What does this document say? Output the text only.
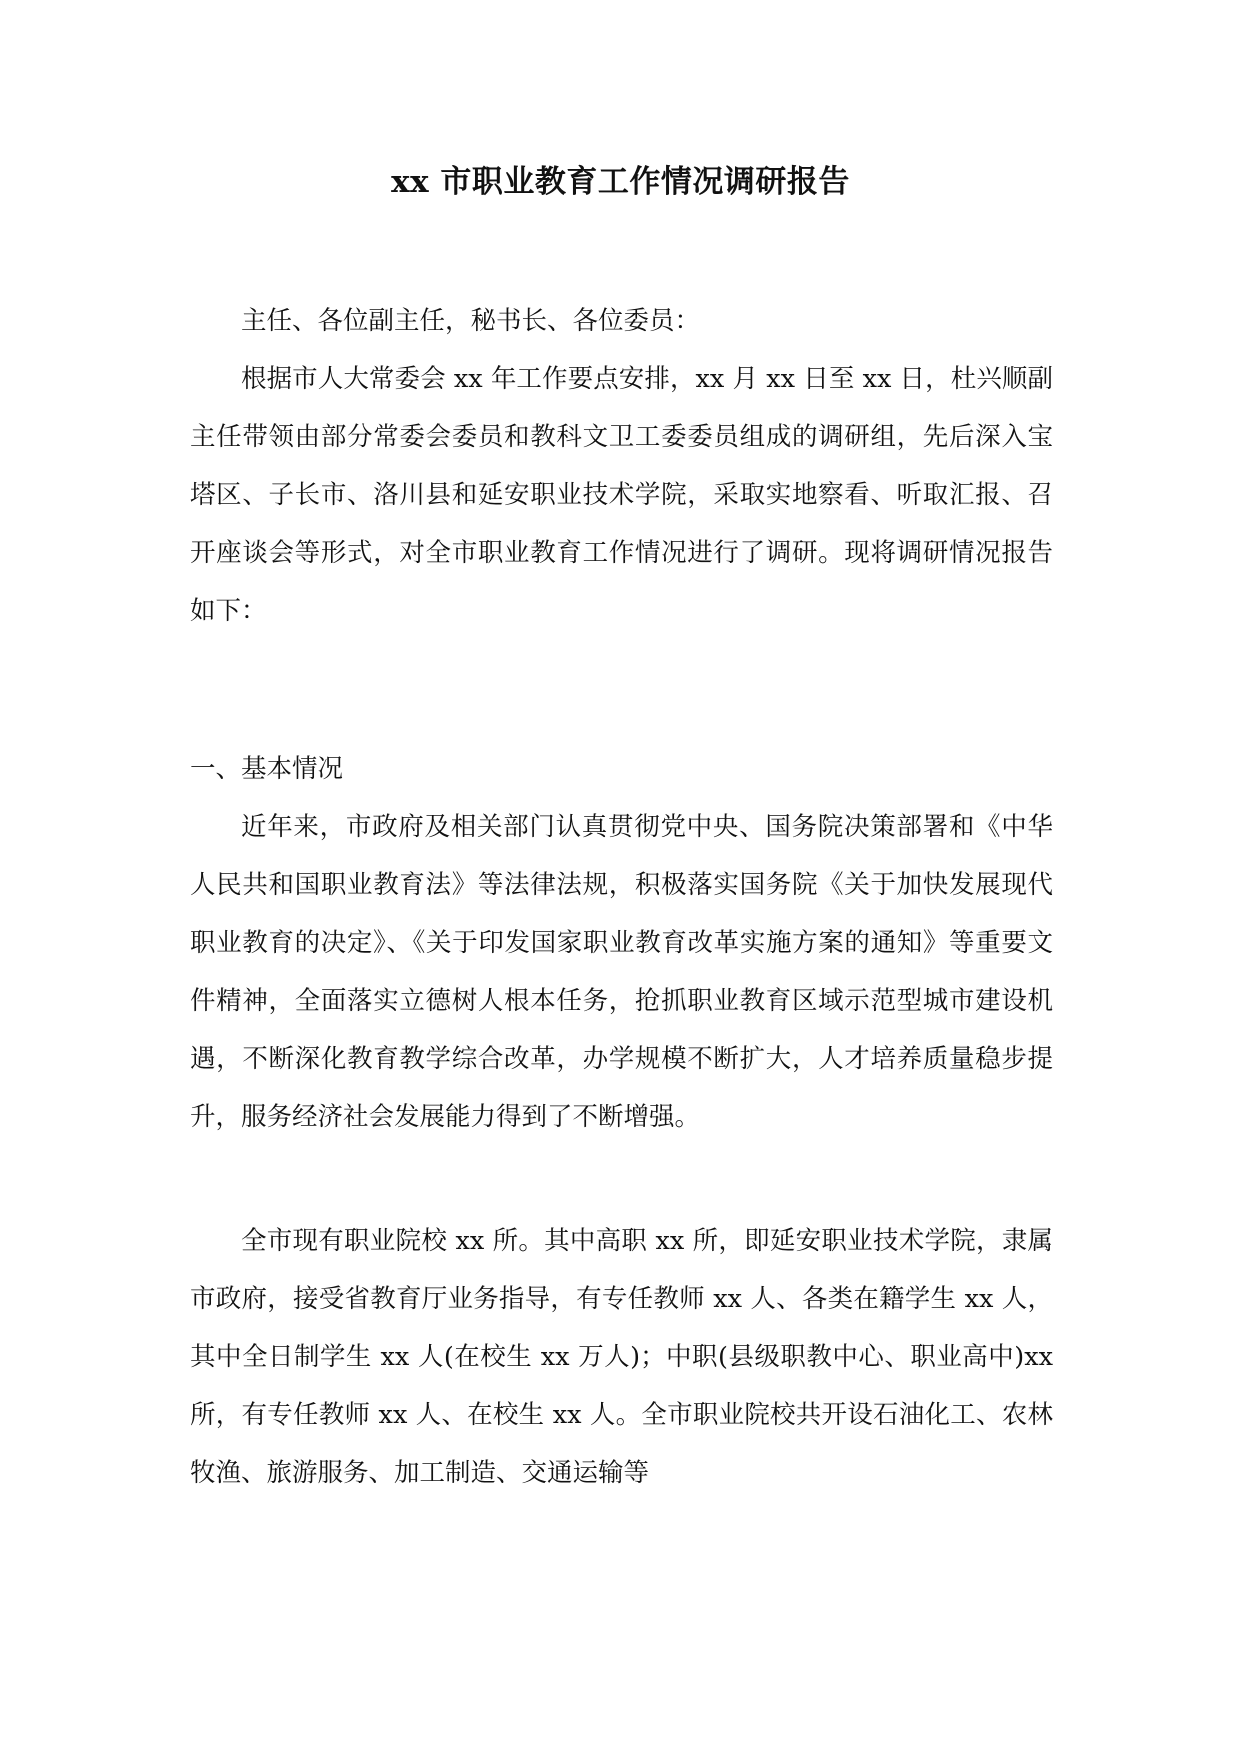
xx 市职业教育工作情况调研报告

主任、各位副主任，秘书长、各位委员：

根据市人大常委会 xx 年工作要点安排，xx 月 xx 日至 xx 日，杜兴顺副主任带领由部分常委会委员和教科文卫工委委员组成的调研组，先后深入宝塔区、子长市、洛川县和延安职业技术学院，采取实地察看、听取汇报、召开座谈会等形式，对全市职业教育工作情况进行了调研。现将调研情况报告如下：

一、基本情况

近年来，市政府及相关部门认真贯彻党中央、国务院决策部署和《中华人民共和国职业教育法》等法律法规，积极落实国务院《关于加快发展现代职业教育的决定》、《关于印发国家职业教育改革实施方案的通知》等重要文件精神，全面落实立德树人根本任务，抢抓职业教育区域示范型城市建设机遇，不断深化教育教学综合改革，办学规模不断扩大，人才培养质量稳步提升，服务经济社会发展能力得到了不断增强。

全市现有职业院校 xx 所。其中高职 xx 所，即延安职业技术学院，隶属市政府，接受省教育厅业务指导，有专任教师 xx 人、各类在籍学生 xx 人，其中全日制学生 xx 人(在校生 xx 万人)；中职(县级职教中心、职业高中)xx 所，有专任教师 xx 人、在校生 xx 人。全市职业院校共开设石油化工、农林牧渔、旅游服务、加工制造、交通运输等
